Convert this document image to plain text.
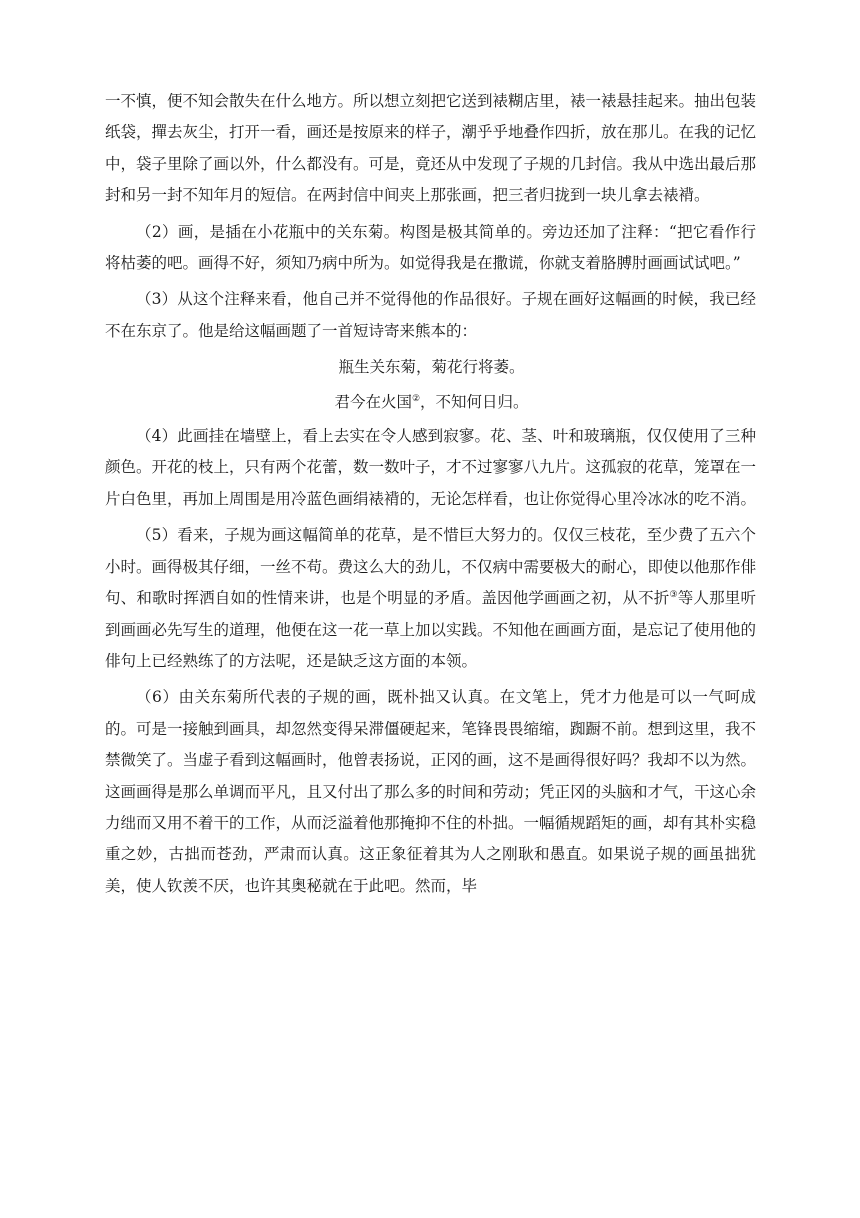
一不慎，便不知会散失在什么地方。所以想立刻把它送到裱糊店里，裱一裱悬挂起来。抽出包装纸袋，撣去灰尘，打开一看，画还是按原来的样子，潮乎乎地叠作四折，放在那儿。在我的记忆中，袋子里除了画以外，什么都没有。可是，竟还从中发现了子规的几封信。我从中选出最后那封和另一封不知年月的短信。在两封信中间夹上那张画，把三者归拢到一块儿拿去裱褙。

（2）画，是插在小花瓶中的关东菊。构图是极其简单的。旁边还加了注释：“把它看作行将枯萎的吧。画得不好，须知乃病中所为。如觉得我是在撒谎，你就支着胳膊肘画画试试吧。”

（3）从这个注释来看，他自己并不觉得他的作品很好。子规在画好这幅画的时候，我已经不在东京了。他是给这幅画题了一首短诗寄来熊本的：

瓶生关东菊，菊花行将萎。

君今在火国②，不知何日归。

（4）此画挂在墙壁上，看上去实在令人感到寂寥。花、茎、叶和玻璃瓶，仅仅使用了三种颜色。开花的枝上，只有两个花蕾，数一数叶子，才不过寥寥八九片。这孤寂的花草，笼罩在一片白色里，再加上周围是用冷蓝色画绢裱褙的，无论怎样看，也让你觉得心里冷冰冰的吃不消。

（5）看来，子规为画这幅简单的花草，是不惜巨大努力的。仅仅三枝花，至少费了五六个小时。画得极其仔细，一丝不苟。费这么大的劲儿，不仅病中需要极大的耐心，即使以他那作俳句、和歌时挥洒自如的性情来讲，也是个明显的矛盾。盖因他学画画之初，从不折③等人那里听到画画必先写生的道理，他便在这一花一草上加以实践。不知他在画画方面，是忘记了使用他的俳句上已经熟练了的方法呢，还是缺乏这方面的本领。

（6）由关东菊所代表的子规的画，既朴拙又认真。在文笔上，凭才力他是可以一气呵成的。可是一接触到画具，却忽然变得呆滞僵硬起来，笔锋畏畏缩缩，踟蹰不前。想到这里，我不禁微笑了。当虚子看到这幅画时，他曾表扬说，正冈的画，这不是画得很好吗？我却不以为然。这画画得是那么单调而平凡，且又付出了那么多的时间和劳动；凭正冈的头脑和才气，干这心余力绌而又用不着干的工作，从而泛溢着他那掩抑不住的朴拙。一幅循规蹈矩的画，却有其朴实稳重之妙，古拙而苍劲，严肃而认真。这正象征着其为人之刚耿和愚直。如果说子规的画虽拙犹美，使人钦羡不厌，也许其奥秘就在于此吧。然而，毕
